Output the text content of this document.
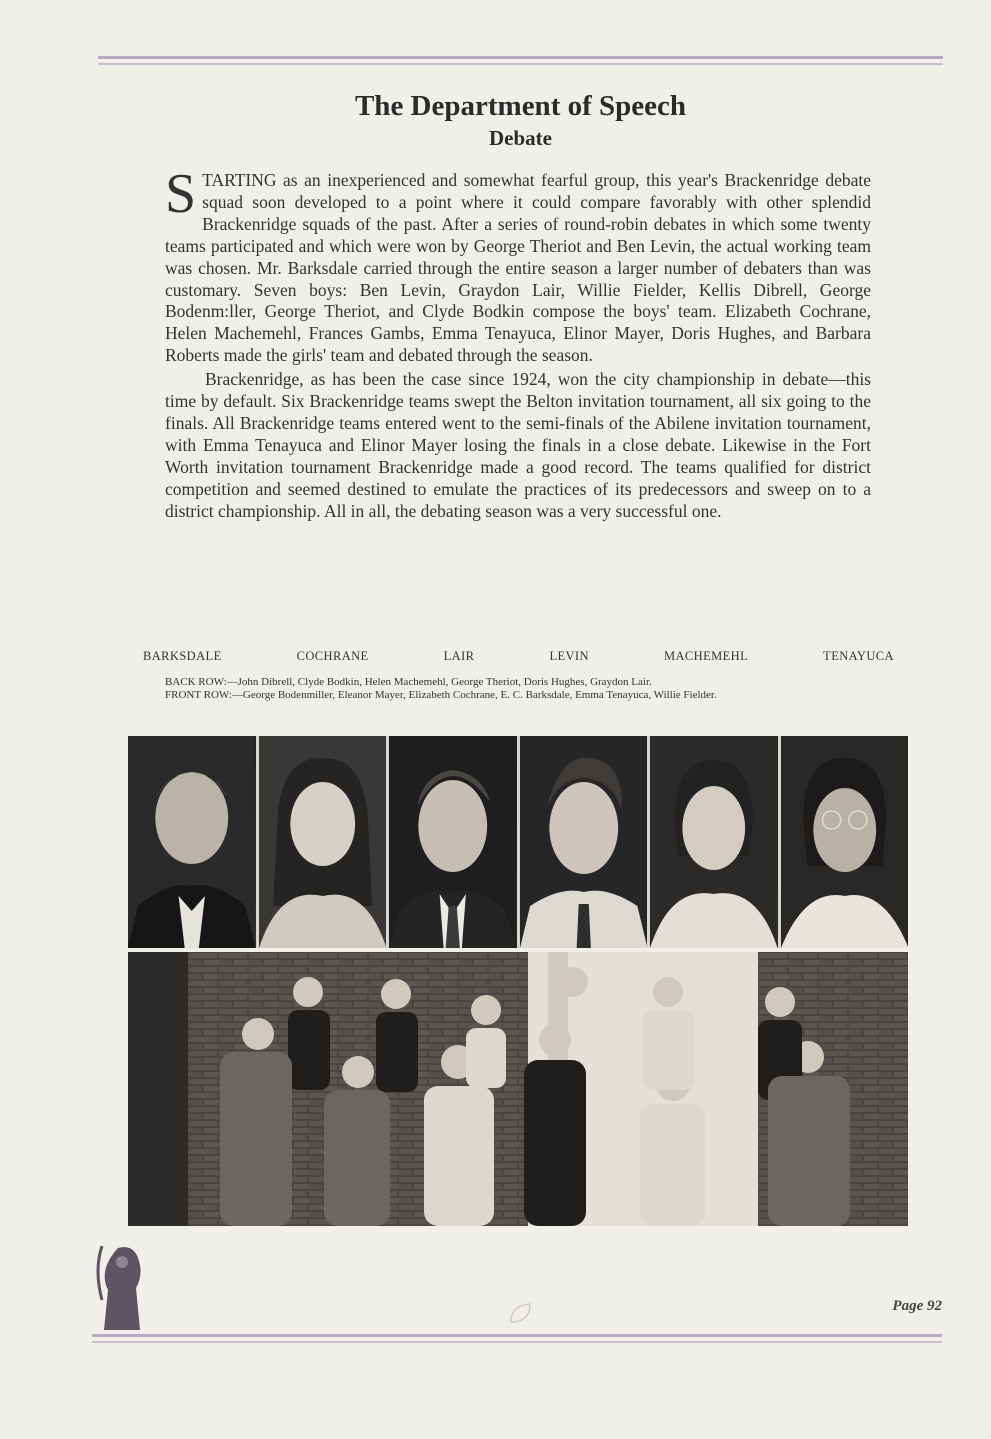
The Department of Speech
Debate

STARTING as an inexperienced and somewhat fearful group, this year's Brackenridge debate squad soon developed to a point where it could compare favorably with other splendid Brackenridge squads of the past. After a series of round-robin debates in which some twenty teams participated and which were won by George Theriot and Ben Levin, the actual working team was chosen. Mr. Barksdale carried through the entire season a larger number of debaters than was customary. Seven boys: Ben Levin, Graydon Lair, Willie Fielder, Kellis Dibrell, George Bodenm:ller, George Theriot, and Clyde Bodkin compose the boys' team. Elizabeth Cochrane, Helen Machemehl, Frances Gambs, Emma Tenayuca, Elinor Mayer, Doris Hughes, and Barbara Roberts made the girls' team and debated through the season.

Brackenridge, as has been the case since 1924, won the city championship in debate—this time by default. Six Brackenridge teams swept the Belton invitation tournament, all six going to the finals. All Brackenridge teams entered went to the semi-finals of the Abilene invitation tournament, with Emma Tenayuca and Elinor Mayer losing the finals in a close debate. Likewise in the Fort Worth invitation tournament Brackenridge made a good record. The teams qualified for district competition and seemed destined to emulate the practices of its predecessors and sweep on to a district championship. All in all, the debating season was a very successful one.

BARKSDALE	COCHRANE	LAIR	LEVIN	MACHEMEHL	TENAYUCA
BACK ROW:—John Dibrell, Clyde Bodkin, Helen Machemehl, George Theriot, Doris Hughes, Graydon Lair.
FRONT ROW:—George Bodenmiller, Eleanor Mayer, Elizabeth Cochrane, E. C. Barksdale, Emma Tenayuca, Willie Fielder.
Page 92
